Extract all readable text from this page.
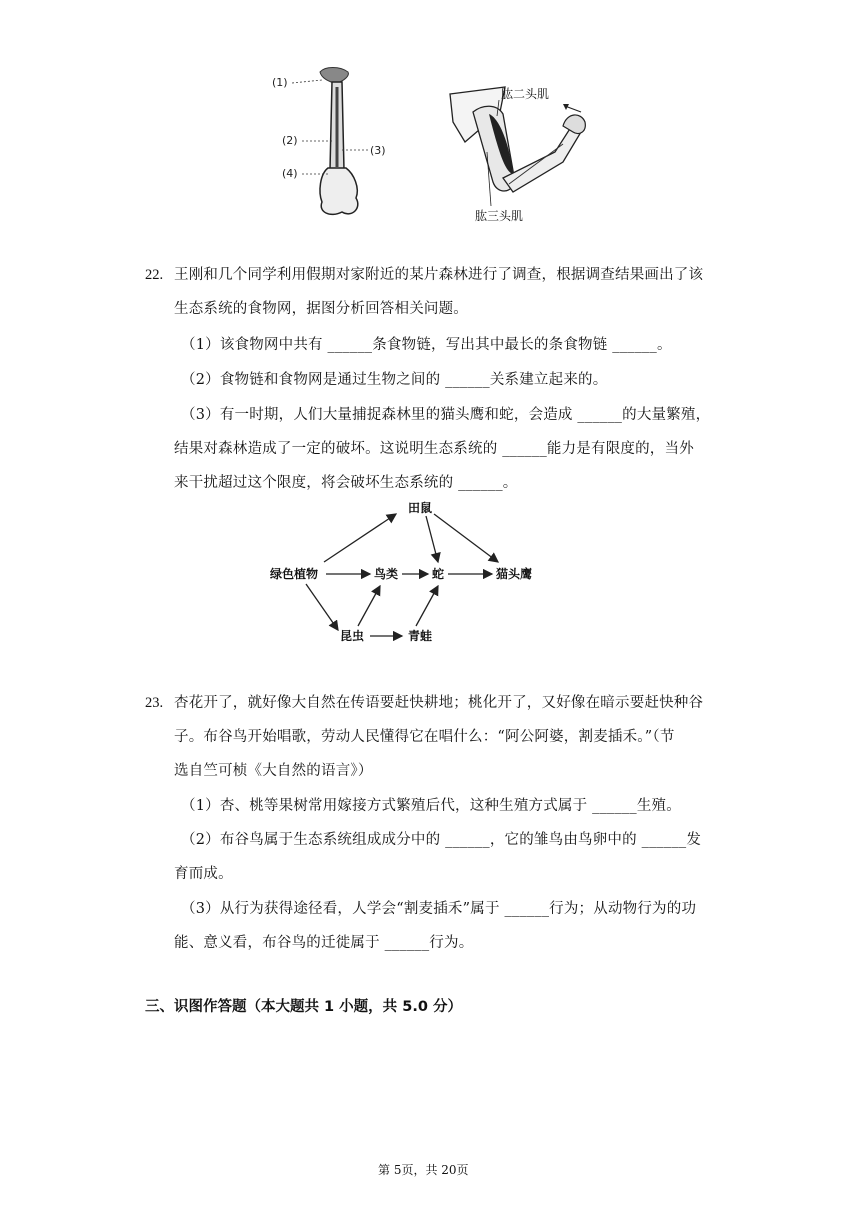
(1)
(2)
(3)
(4)
肱二头肌
肱三头肌
22. 王刚和几个同学利用假期对家附近的某片森林进行了调查，根据调查结果画出了该
生态系统的食物网，据图分析回答相关问题。
（1）该食物网中共有 ______条食物链，写出其中最长的条食物链 ______。
（2）食物链和食物网是通过生物之间的 ______关系建立起来的。
（3）有一时期，人们大量捕捉森林里的猫头鹰和蛇，会造成 ______的大量繁殖，
结果对森林造成了一定的破坏。这说明生态系统的 ______能力是有限度的，当外
来干扰超过这个限度，将会破坏生态系统的 ______。
绿色植物
田鼠
鸟类	蛇	猫头鹰
昆虫	青蛙
23. 杏花开了，就好像大自然在传语要赶快耕地；桃化开了，又好像在暗示要赶快种谷
子。布谷鸟开始唱歌，劳动人民懂得它在唱什么：“阿公阿婆，割麦插禾。”（节
选自竺可桢《大自然的语言》）
（1）杏、桃等果树常用嫁接方式繁殖后代，这种生殖方式属于 ______生殖。
（2）布谷鸟属于生态系统组成成分中的 ______，它的雏鸟由鸟卵中的 ______发
育而成。
（3）从行为获得途径看，人学会“割麦插禾”属于 ______行为；从动物行为的功
能、意义看，布谷鸟的迁徙属于 ______行为。
三、识图作答题（本大题共 1 小题，共 5.0 分）
第 5页，共 20页
